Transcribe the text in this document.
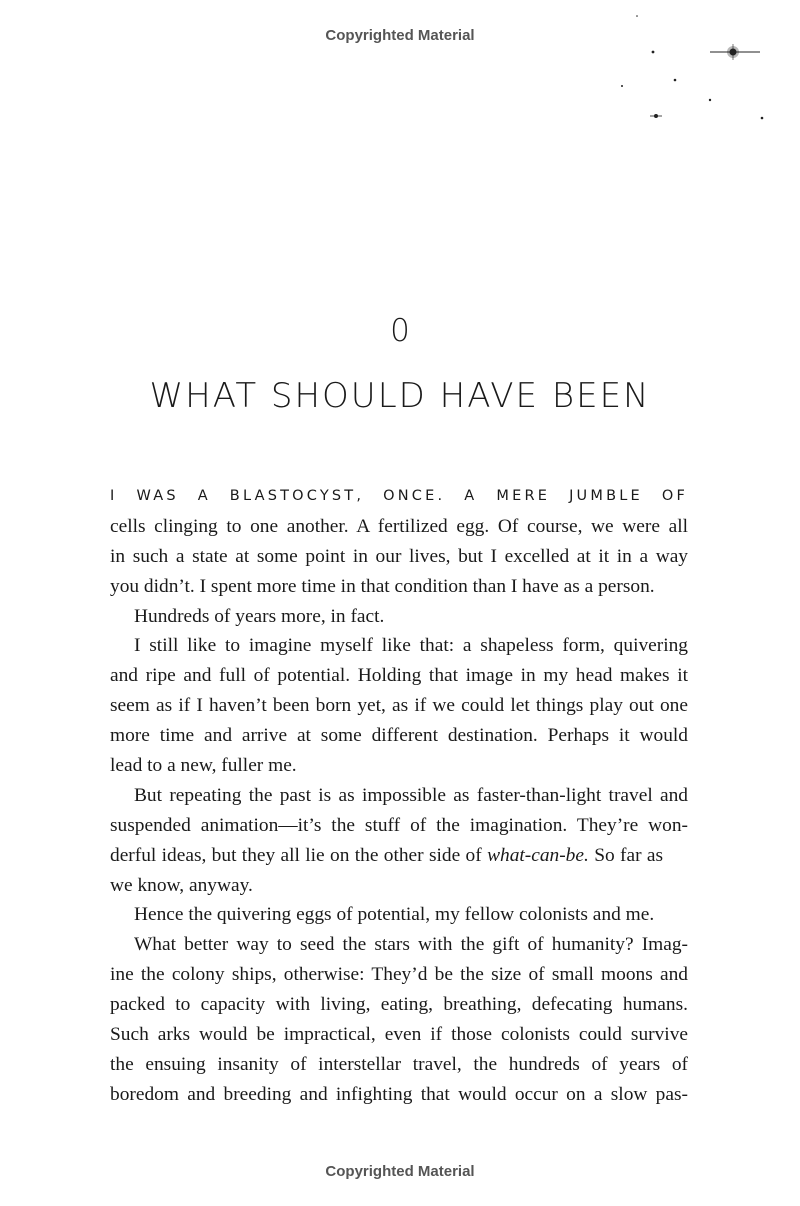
Copyrighted Material
0
WHAT SHOULD HAVE BEEN
I WAS A BLASTOCYST, ONCE. A MERE JUMBLE OF
cells clinging to one another. A fertilized egg. Of course, we were all
in such a state at some point in our lives, but I excelled at it in a way
you didn’t. I spent more time in that condition than I have as a person.
Hundreds of years more, in fact.
I still like to imagine myself like that: a shapeless form, quivering
and ripe and full of potential. Holding that image in my head makes it
seem as if I haven’t been born yet, as if we could let things play out one
more time and arrive at some different destination. Perhaps it would
lead to a new, fuller me.
But repeating the past is as impossible as faster-than-light travel and
suspended animation—it’s the stuff of the imagination. They’re won-
derful ideas, but they all lie on the other side of what-can-be. So far as
we know, anyway.
Hence the quivering eggs of potential, my fellow colonists and me.
What better way to seed the stars with the gift of humanity? Imag-
ine the colony ships, otherwise: They’d be the size of small moons and
packed to capacity with living, eating, breathing, defecating humans.
Such arks would be impractical, even if those colonists could survive
the ensuing insanity of interstellar travel, the hundreds of years of
boredom and breeding and infighting that would occur on a slow pas-
Copyrighted Material
